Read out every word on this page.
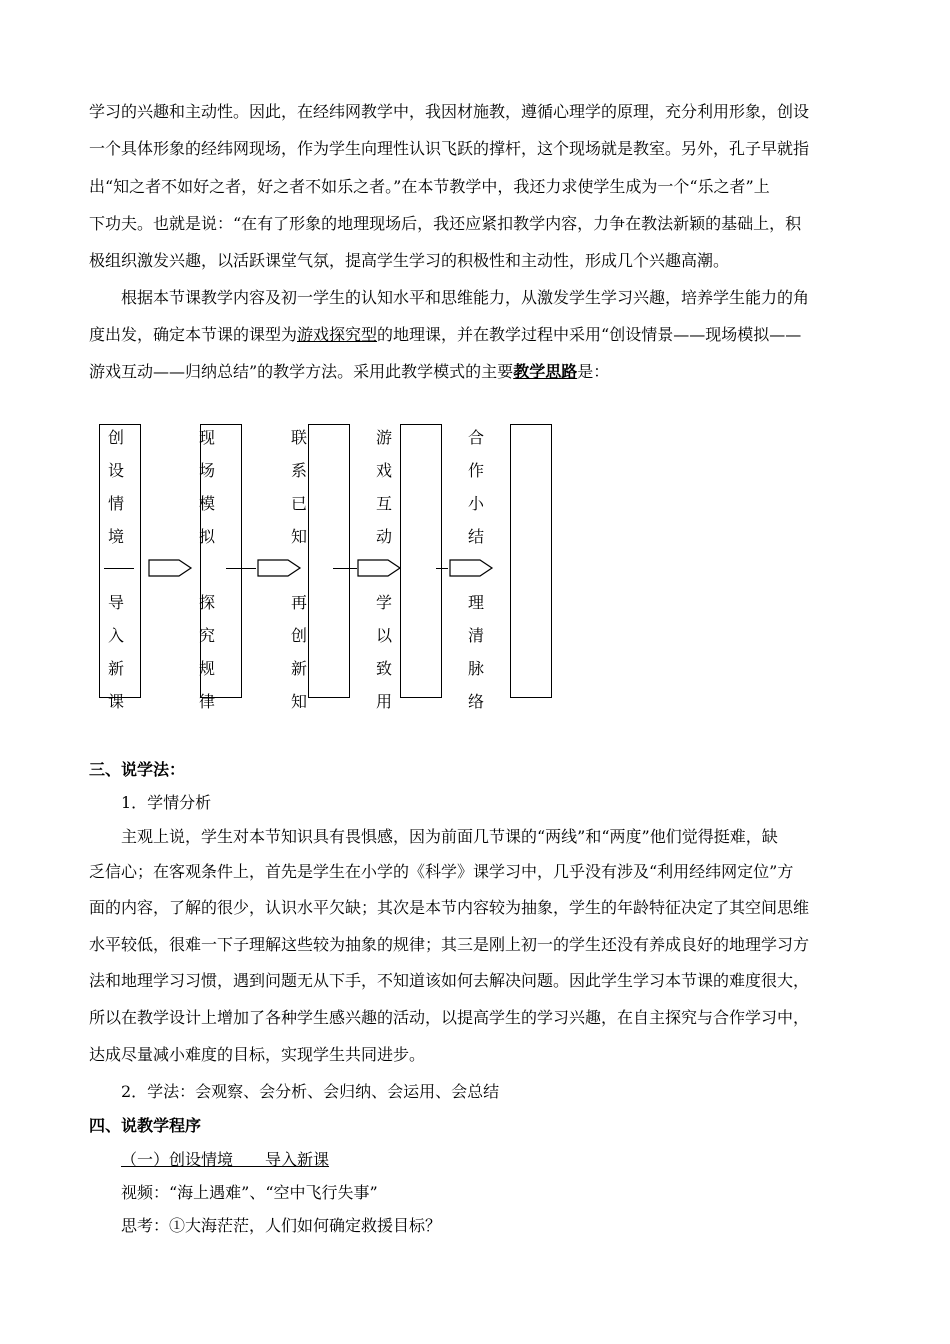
学习的兴趣和主动性。因此，在经纬网教学中，我因材施教，遵循心理学的原理，充分利用形象，创设
一个具体形象的经纬网现场，作为学生向理性认识飞跃的撑杆，这个现场就是教室。另外，孔子早就指
出“知之者不如好之者，好之者不如乐之者。”在本节教学中，我还力求使学生成为一个“乐之者”上
下功夫。也就是说：“在有了形象的地理现场后，我还应紧扣教学内容，力争在教法新颖的基础上，积
极组织激发兴趣，以活跃课堂气氛，提高学生学习的积极性和主动性，形成几个兴趣高潮。
根据本节课教学内容及初一学生的认知水平和思维能力，从激发学生学习兴趣，培养学生能力的角
度出发，确定本节课的课型为游戏探究型的地理课，并在教学过程中采用“创设情景——现场模拟——
游戏互动——归纳总结”的教学方法。采用此教学模式的主要教学思路是：
创
设
情
境
导
入
新
课
现
场
模
拟
探
究
规
律
联
系
已
知
再
创
新
知
游
戏
互
动
学
以
致
用
合
作
小
结
理
清
脉
络
三、说学法：
1．学情分析
主观上说，学生对本节知识具有畏惧感，因为前面几节课的“两线”和“两度”他们觉得挺难，缺
乏信心；在客观条件上，首先是学生在小学的《科学》课学习中，几乎没有涉及“利用经纬网定位”方
面的内容，了解的很少，认识水平欠缺；其次是本节内容较为抽象，学生的年龄特征决定了其空间思维
水平较低，很难一下子理解这些较为抽象的规律；其三是刚上初一的学生还没有养成良好的地理学习方
法和地理学习习惯，遇到问题无从下手，不知道该如何去解决问题。因此学生学习本节课的难度很大，
所以在教学设计上增加了各种学生感兴趣的活动，以提高学生的学习兴趣，在自主探究与合作学习中，
达成尽量减小难度的目标，实现学生共同进步。
2．学法：会观察、会分析、会归纳、会运用、会总结
四、说教学程序
（一）创设情境　　导入新课
视频：“海上遇难”、“空中飞行失事”
思考：①大海茫茫，人们如何确定救援目标？
